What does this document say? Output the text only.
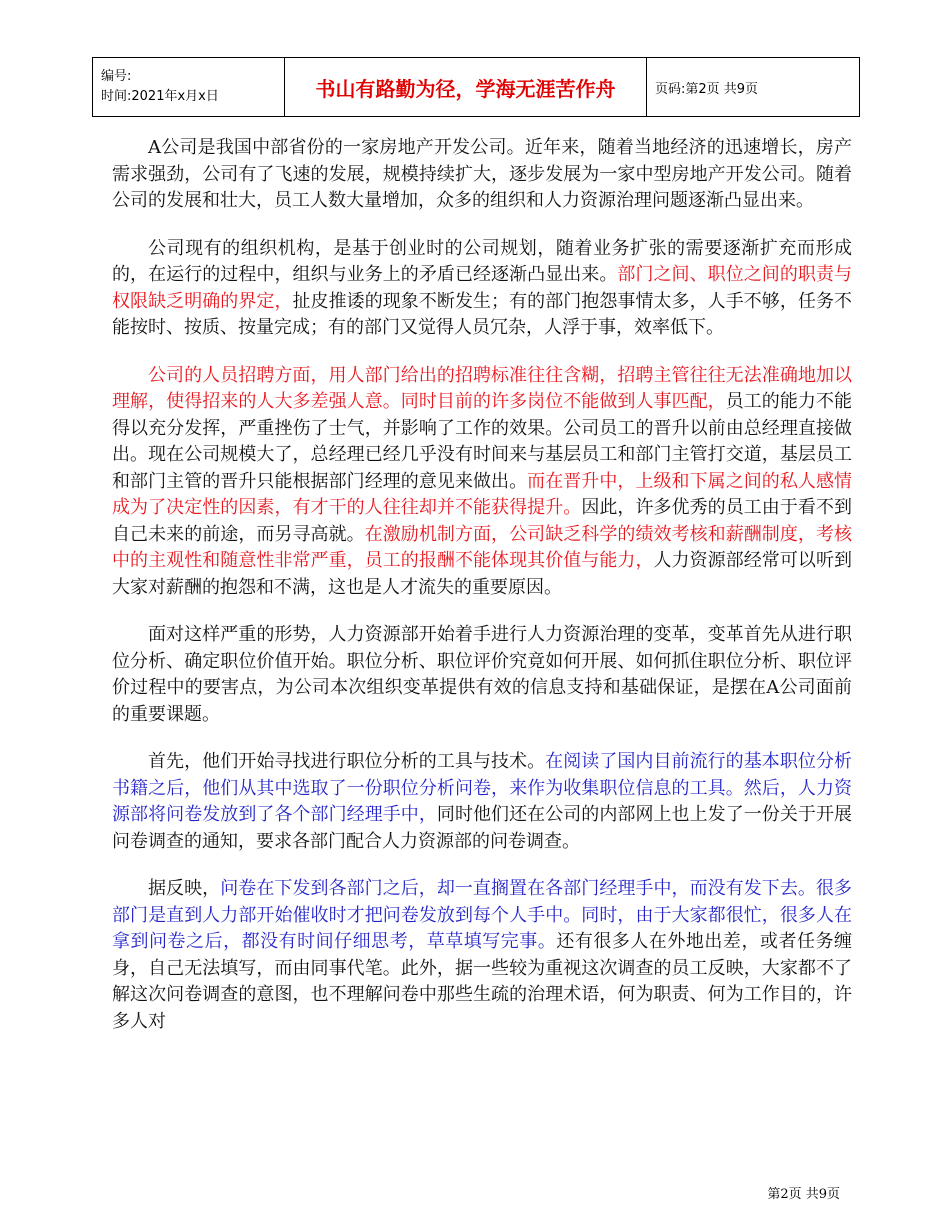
编号:
时间:2021年x月x日	书山有路勤为径，学海无涯苦作舟	页码:第2页 共9页

A公司是我国中部省份的一家房地产开发公司。近年来，随着当地经济的迅速增长，房产需求强劲，公司有了飞速的发展，规模持续扩大，逐步发展为一家中型房地产开发公司。随着公司的发展和壮大，员工人数大量增加，众多的组织和人力资源治理问题逐渐凸显出来。

公司现有的组织机构，是基于创业时的公司规划，随着业务扩张的需要逐渐扩充而形成的，在运行的过程中，组织与业务上的矛盾已经逐渐凸显出来。部门之间、职位之间的职责与权限缺乏明确的界定，扯皮推诿的现象不断发生；有的部门抱怨事情太多，人手不够，任务不能按时、按质、按量完成；有的部门又觉得人员冗杂，人浮于事，效率低下。

公司的人员招聘方面，用人部门给出的招聘标准往往含糊，招聘主管往往无法准确地加以理解，使得招来的人大多差强人意。同时目前的许多岗位不能做到人事匹配，员工的能力不能得以充分发挥，严重挫伤了士气，并影响了工作的效果。公司员工的晋升以前由总经理直接做出。现在公司规模大了，总经理已经几乎没有时间来与基层员工和部门主管打交道，基层员工和部门主管的晋升只能根据部门经理的意见来做出。而在晋升中，上级和下属之间的私人感情成为了决定性的因素，有才干的人往往却并不能获得提升。因此，许多优秀的员工由于看不到自己未来的前途，而另寻高就。在激励机制方面，公司缺乏科学的绩效考核和薪酬制度，考核中的主观性和随意性非常严重，员工的报酬不能体现其价值与能力，人力资源部经常可以听到大家对薪酬的抱怨和不满，这也是人才流失的重要原因。

面对这样严重的形势，人力资源部开始着手进行人力资源治理的变革，变革首先从进行职位分析、确定职位价值开始。职位分析、职位评价究竟如何开展、如何抓住职位分析、职位评价过程中的要害点，为公司本次组织变革提供有效的信息支持和基础保证，是摆在A公司面前的重要课题。

首先，他们开始寻找进行职位分析的工具与技术。在阅读了国内目前流行的基本职位分析书籍之后，他们从其中选取了一份职位分析问卷，来作为收集职位信息的工具。然后，人力资源部将问卷发放到了各个部门经理手中，同时他们还在公司的内部网上也上发了一份关于开展问卷调查的通知，要求各部门配合人力资源部的问卷调查。

据反映，问卷在下发到各部门之后，却一直搁置在各部门经理手中，而没有发下去。很多部门是直到人力部开始催收时才把问卷发放到每个人手中。同时，由于大家都很忙，很多人在拿到问卷之后，都没有时间仔细思考，草草填写完事。还有很多人在外地出差，或者任务缠身，自己无法填写，而由同事代笔。此外，据一些较为重视这次调查的员工反映，大家都不了解这次问卷调查的意图，也不理解问卷中那些生疏的治理术语，何为职责、何为工作目的，许多人对

第2页 共9页
